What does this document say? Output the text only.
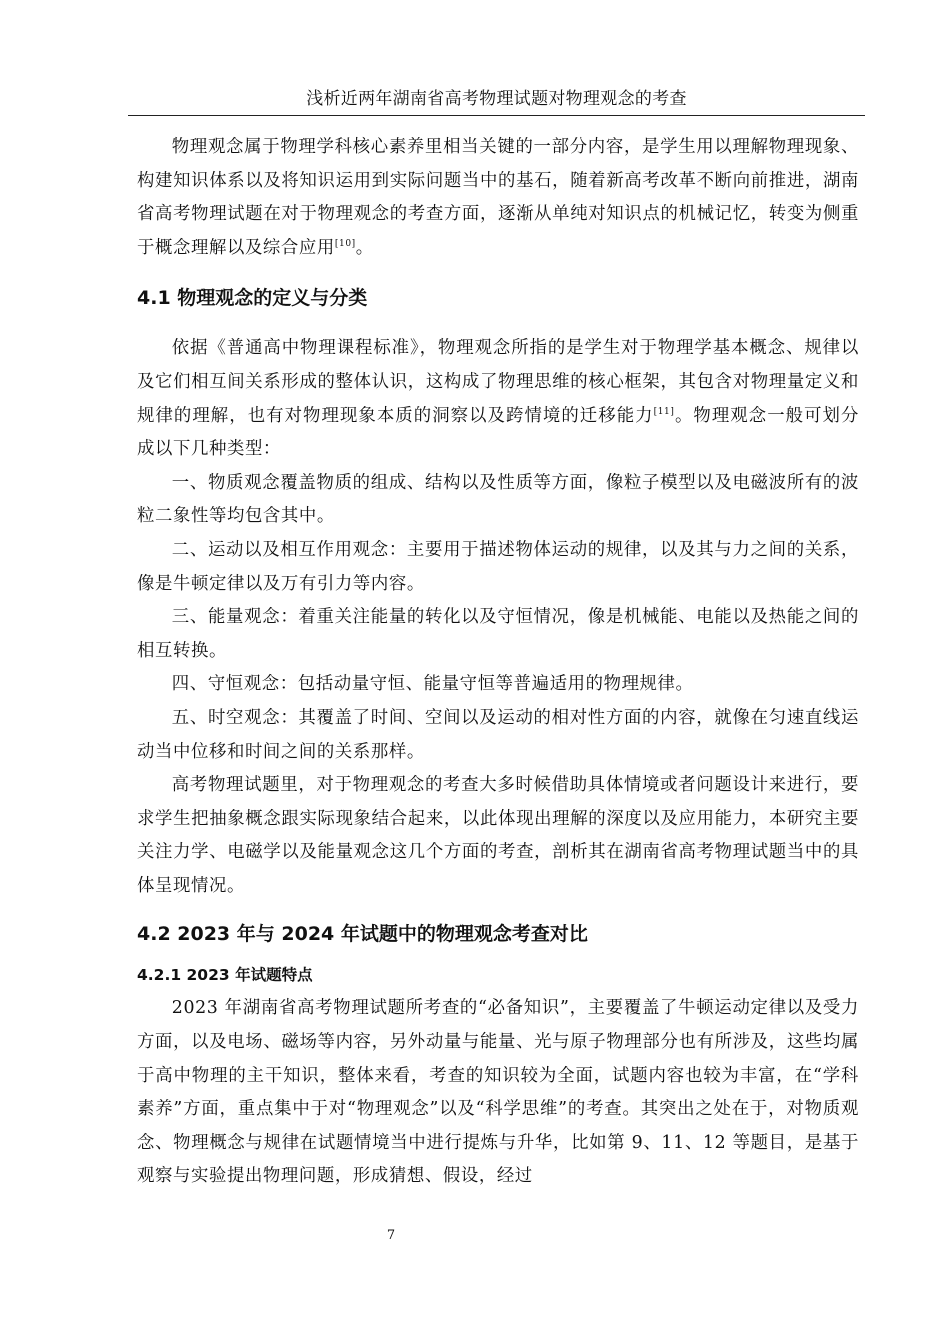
浅析近两年湖南省高考物理试题对物理观念的考查

物理观念属于物理学科核心素养里相当关键的一部分内容，是学生用以理解物理现象、构建知识体系以及将知识运用到实际问题当中的基石，随着新高考改革不断向前推进，湖南省高考物理试题在对于物理观念的考查方面，逐渐从单纯对知识点的机械记忆，转变为侧重于概念理解以及综合应用[10]。

4.1 物理观念的定义与分类

依据《普通高中物理课程标准》，物理观念所指的是学生对于物理学基本概念、规律以及它们相互间关系形成的整体认识，这构成了物理思维的核心框架，其包含对物理量定义和规律的理解，也有对物理现象本质的洞察以及跨情境的迁移能力[11]。物理观念一般可划分成以下几种类型：

一、物质观念覆盖物质的组成、结构以及性质等方面，像粒子模型以及电磁波所有的波粒二象性等均包含其中。

二、运动以及相互作用观念：主要用于描述物体运动的规律，以及其与力之间的关系，像是牛顿定律以及万有引力等内容。

三、能量观念：着重关注能量的转化以及守恒情况，像是机械能、电能以及热能之间的相互转换。

四、守恒观念：包括动量守恒、能量守恒等普遍适用的物理规律。

五、时空观念：其覆盖了时间、空间以及运动的相对性方面的内容，就像在匀速直线运动当中位移和时间之间的关系那样。

高考物理试题里，对于物理观念的考查大多时候借助具体情境或者问题设计来进行，要求学生把抽象概念跟实际现象结合起来，以此体现出理解的深度以及应用能力，本研究主要关注力学、电磁学以及能量观念这几个方面的考查，剖析其在湖南省高考物理试题当中的具体呈现情况。

4.2 2023 年与 2024 年试题中的物理观念考查对比
4.2.1 2023 年试题特点

2023 年湖南省高考物理试题所考查的“必备知识”，主要覆盖了牛顿运动定律以及受力方面，以及电场、磁场等内容，另外动量与能量、光与原子物理部分也有所涉及，这些均属于高中物理的主干知识，整体来看，考查的知识较为全面，试题内容也较为丰富，在“学科素养”方面，重点集中于对“物理观念”以及“科学思维”的考查。其突出之处在于，对物质观念、物理概念与规律在试题情境当中进行提炼与升华，比如第 9、11、12 等题目，是基于观察与实验提出物理问题，形成猜想、假设，经过

7
